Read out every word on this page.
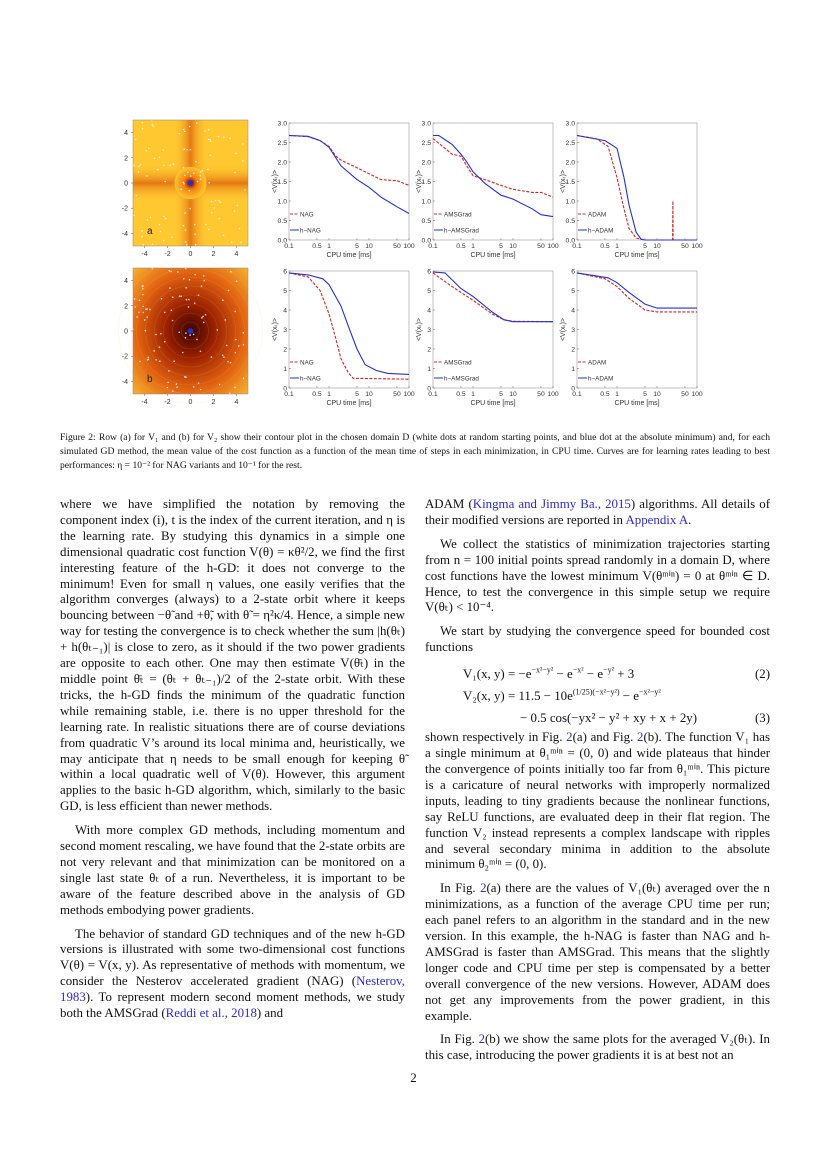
-4 -2	0	2	4
4
2
0
-2
-4 a
NAG
h−NAG
0.1	0.5 1	5 10	50 100
0.0
0.5
1.0
1.5
2.0
2.5
3.0
CPU time [ms]
<V(xₜ)>
AMSGrad
h−AMSGrad
0.1	0.5 1	5 10	50 100
0.0
0.5
1.0
1.5
2.0
2.5
3.0
CPU time [ms]
<V(xₜ)>
ADAM
h−ADAM
0.1	0.5 1	5 10	50 100
0.0
0.5
1.0
1.5
2.0
2.5
3.0
CPU time [ms]
<V(xₜ)>
-4 -2	0	2	4
4
2
0
-2
-4 b
NAG
h−NAG
0.1	0.5 1	5 10	50 100
0
1
2
3
4
5
6
CPU time [ms]
<V(xₜ)>
AMSGrad
h−AMSGrad
0.1	0.5 1	5 10	50 100
0
1
2
3
4
5
6
CPU time [ms]
<V(xₜ)>
ADAM
h−ADAM
0.1	0.5 1	5 10	50 100
0
1
2
3
4
5
6
CPU time [ms]
<V(xₜ)>
Figure 2: Row (a) for V₁ and (b) for V₂ show their contour plot in the chosen domain D (white dots at random starting points, and blue dot at the absolute minimum) and, for each simulated GD method, the mean value of the cost function as a function of the mean time of steps in each minimization, in CPU time. Curves are for learning rates leading to best performances: η = 10⁻² for NAG variants and 10⁻¹ for the rest.

where we have simplified the notation by removing the component index (i), t is the index of the current iteration, and η is the learning rate. By studying this dynamics in a simple one dimensional quadratic cost function V(θ) = κθ²/2, we find the first interesting feature of the h-GD: it does not converge to the minimum! Even for small η values, one easily verifies that the algorithm converges (always) to a 2-state orbit where it keeps bouncing between −θ̃ and +θ̃, with θ̃ = η²κ/4. Hence, a simple new way for testing the convergence is to check whether the sum |h(θₜ) + h(θₜ₋₁)| is close to zero, as it should if the two power gradients are opposite to each other. One may then estimate V(θ̄ₜ) in the middle point θ̄ₜ = (θₜ + θₜ₋₁)/2 of the 2-state orbit. With these tricks, the h-GD finds the minimum of the quadratic function while remaining stable, i.e. there is no upper threshold for the learning rate. In realistic situations there are of course deviations from quadratic V’s around its local minima and, heuristically, we may anticipate that η needs to be small enough for keeping θ̃ within a local quadratic well of V(θ). However, this argument applies to the basic h-GD algorithm, which, similarly to the basic GD, is less efficient than newer methods.

With more complex GD methods, including momentum and second moment rescaling, we have found that the 2-state orbits are not very relevant and that minimization can be monitored on a single last state θₜ of a run. Nevertheless, it is important to be aware of the feature described above in the analysis of GD methods embodying power gradients.

The behavior of standard GD techniques and of the new h-GD versions is illustrated with some two-dimensional cost functions V(θ) = V(x, y). As representative of methods with momentum, we consider the Nesterov accelerated gradient (NAG) (Nesterov, 1983). To represent modern second moment methods, we study both the AMSGrad (Reddi et al., 2018) and

ADAM (Kingma and Jimmy Ba., 2015) algorithms. All details of their modified versions are reported in Appendix A.

We collect the statistics of minimization trajectories starting from n = 100 initial points spread randomly in a domain D, where cost functions have the lowest minimum V(θᵐⁱⁿ) = 0 at θᵐⁱⁿ ∈ D. Hence, to test the convergence in this simple setup we require V(θₜ) < 10⁻⁴.

We start by studying the convergence speed for bounded cost functions

V₁(x, $y) = -e^{-x^2-y^2} - e^{-x^2} - e^{-y^2} + 3$	(2)
V₂(x, $y) = 11.5 - 10e^{(1/25)(-x^2-y^2)} - e^{-x^2-y^2}$
− 0.5 cos(−yx² − y² + xy + x + 2y)	(3)

shown respectively in Fig. 2(a) and Fig. 2(b). The function V₁ has a single minimum at θ₁ᵐⁱⁿ = (0, 0) and wide plateaus that hinder the convergence of points initially too far from θ₁ᵐⁱⁿ. This picture is a caricature of neural networks with improperly normalized inputs, leading to tiny gradients because the nonlinear functions, say ReLU functions, are evaluated deep in their flat region. The function V₂ instead represents a complex landscape with ripples and several secondary minima in addition to the absolute minimum θ₂ᵐⁱⁿ = (0, 0).

In Fig. 2(a) there are the values of V₁(θₜ) averaged over the n minimizations, as a function of the average CPU time per run; each panel refers to an algorithm in the standard and in the new version. In this example, the h-NAG is faster than NAG and h-AMSGrad is faster than AMSGrad. This means that the slightly longer code and CPU time per step is compensated by a better overall convergence of the new versions. However, ADAM does not get any improvements from the power gradient, in this example.

In Fig. 2(b) we show the same plots for the averaged V₂(θₜ). In this case, introducing the power gradients it is at best not an

2
